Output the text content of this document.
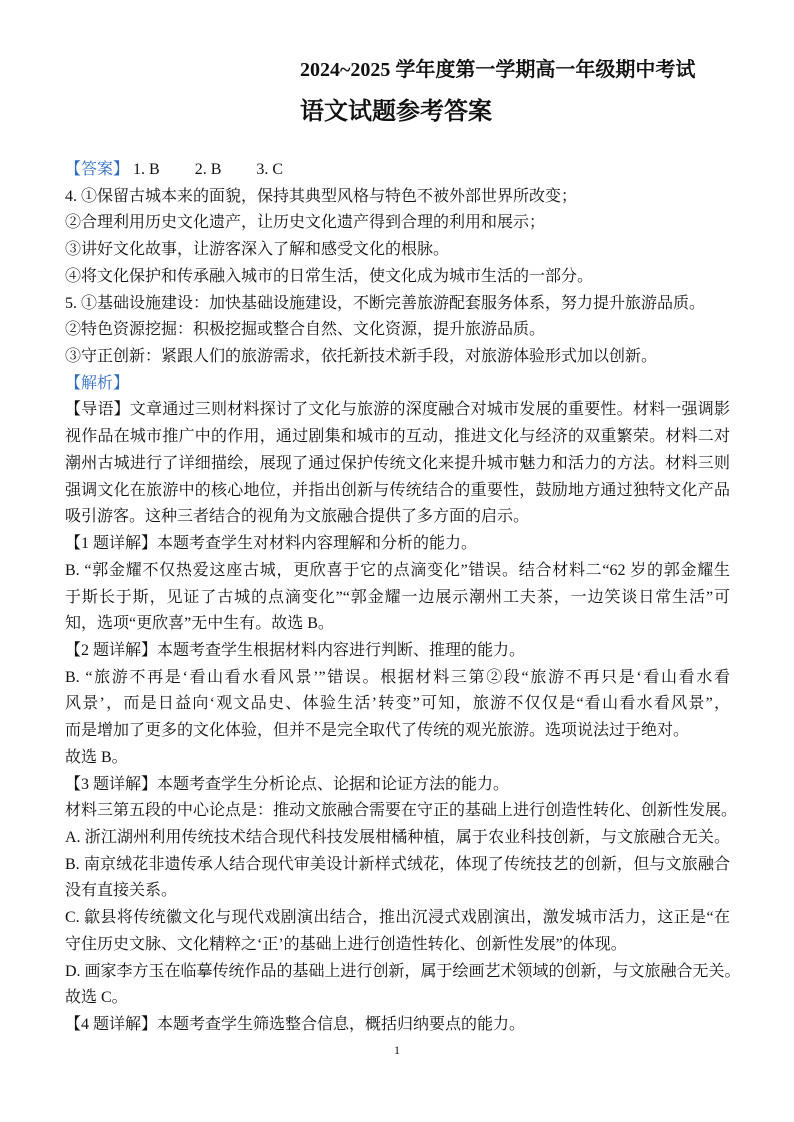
2024~2025 学年度第一学期高一年级期中考试
语文试题参考答案
【答案】 1. B 2. B 3. C
4. ①保留古城本来的面貌，保持其典型风格与特色不被外部世界所改变；
②合理利用历史文化遗产，让历史文化遗产得到合理的利用和展示；
③讲好文化故事，让游客深入了解和感受文化的根脉。
④将文化保护和传承融入城市的日常生活，使文化成为城市生活的一部分。
5. ①基础设施建设：加快基础设施建设，不断完善旅游配套服务体系，努力提升旅游品质。
②特色资源挖掘：积极挖掘或整合自然、文化资源，提升旅游品质。
③守正创新：紧跟人们的旅游需求，依托新技术新手段，对旅游体验形式加以创新。
【解析】
【导语】文章通过三则材料探讨了文化与旅游的深度融合对城市发展的重要性。材料一强调影
视作品在城市推广中的作用，通过剧集和城市的互动，推进文化与经济的双重繁荣。材料二对
潮州古城进行了详细描绘，展现了通过保护传统文化来提升城市魅力和活力的方法。材料三则
强调文化在旅游中的核心地位，并指出创新与传统结合的重要性，鼓励地方通过独特文化产品
吸引游客。这种三者结合的视角为文旅融合提供了多方面的启示。
【1 题详解】本题考查学生对材料内容理解和分析的能力。
B. “郭金耀不仅热爱这座古城，更欣喜于它的点滴变化”错误。结合材料二“62 岁的郭金耀生
于斯长于斯，见证了古城的点滴变化”“郭金耀一边展示潮州工夫茶，一边笑谈日常生活”可
知，选项“更欣喜”无中生有。故选 B。
【2 题详解】本题考查学生根据材料内容进行判断、推理的能力。
B. “旅游不再是‘看山看水看风景’”错误。根据材料三第②段“旅游不再只是‘看山看水看
风景’，而是日益向‘观文品史、体验生活’转变”可知，旅游不仅仅是“看山看水看风景”，
而是增加了更多的文化体验，但并不是完全取代了传统的观光旅游。选项说法过于绝对。
故选 B。
【3 题详解】本题考查学生分析论点、论据和论证方法的能力。
材料三第五段的中心论点是：推动文旅融合需要在守正的基础上进行创造性转化、创新性发展。
A. 浙江湖州利用传统技术结合现代科技发展柑橘种植，属于农业科技创新，与文旅融合无关。
B. 南京绒花非遗传承人结合现代审美设计新样式绒花，体现了传统技艺的创新，但与文旅融合
没有直接关系。
C. 歙县将传统徽文化与现代戏剧演出结合，推出沉浸式戏剧演出，激发城市活力，这正是“在
守住历史文脉、文化精粹之‘正’的基础上进行创造性转化、创新性发展”的体现。
D. 画家李方玉在临摹传统作品的基础上进行创新，属于绘画艺术领域的创新，与文旅融合无关。
故选 C。
【4 题详解】本题考查学生筛选整合信息，概括归纳要点的能力。
1
